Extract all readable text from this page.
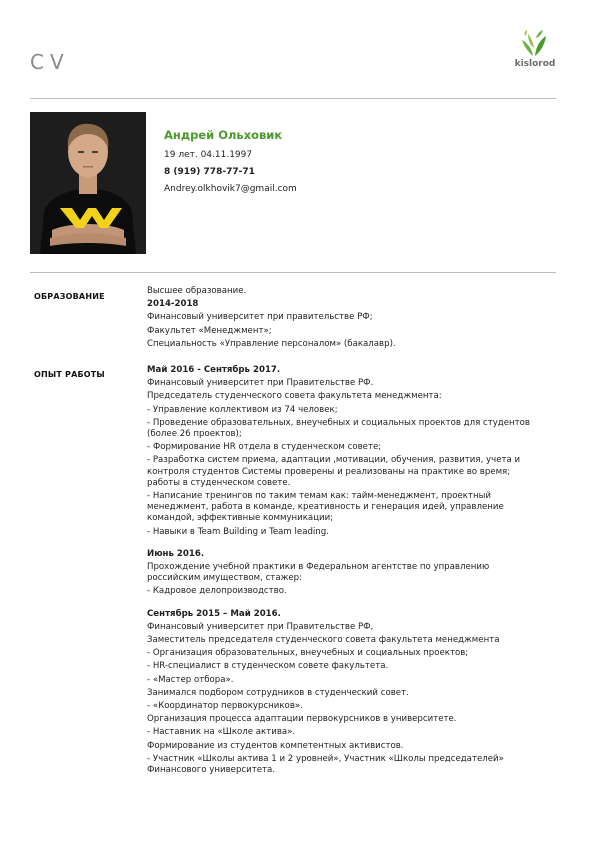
CV	kislorod
Андрей Ольховик
19 лет. 04.11.1997
8 (919) 778-77-71
Andrey.olkhovik7@gmail.com
ОБРАЗОВАНИЕ

Высшее образование.

2014-2018

Финансовый университет при правительстве РФ;

Факультет «Менеджмент»;

Специальность «Управление персоналом» (бакалавр).

ОПЫТ РАБОТЫ	Май 2016 - Сентябрь 2017.

Финансовый университет при Правительстве РФ.

Председатель студенческого совета факультета менеджмента:

- Управление коллективом из 74 человек;

- Проведение образовательных, внеучебных и социальных проектов для студентов (более 26 проектов);

- Формирование HR отдела в студенческом совете;

- Разработка систем приема, адаптации ,мотивации, обучения, развития, учета и контроля студентов Системы проверены и реализованы на практике во время; работы в студенческом совете.

- Написание тренингов по таким темам как: тайм-менеджмент, проектный менеджмент, работа в команде, креативность и генерация идей, управление командой, эффективные коммуникации;

- Навыки в Team Building и Team leading.

Июнь 2016.

Прохождение учебной практики в Федеральном агентстве по управлению российским имуществом, стажер:

- Кадровое делопроизводство.

Сентябрь 2015 – Май 2016.

Финансовый университет при Правительстве РФ,

Заместитель председателя студенческого совета факультета менеджмента

- Организация образовательных, внеучебных и социальных проектов;

- HR-специалист в студенческом совете факультета.

- «Мастер отбора».

Занимался подбором сотрудников в студенческий совет.

- «Координатор первокурсников».

Организация процесса адаптации первокурсников в университете.

- Наставник на «Школе актива».

Формирование из студентов компетентных активистов.

- Участник «Школы актива 1 и 2 уровней», Участник «Школы председателей» Финансового университета.
